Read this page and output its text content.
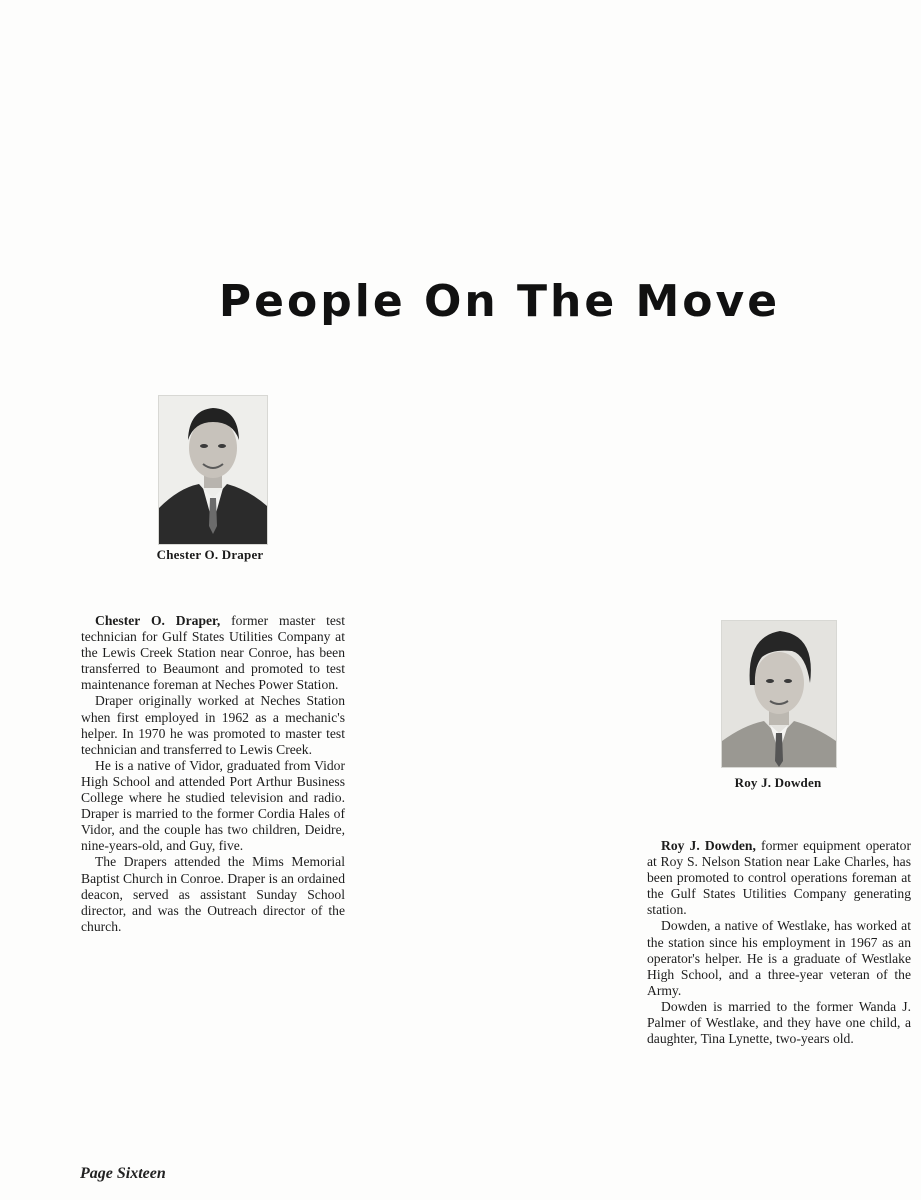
People On The Move

Chester O. Draper

Chester O. Draper, former master test technician for Gulf States Utilities Company at the Lewis Creek Station near Conroe, has been transferred to Beaumont and promoted to test maintenance foreman at Neches Power Station.

Draper originally worked at Neches Station when first employed in 1962 as a mechanic's helper. In 1970 he was promoted to master test technician and transferred to Lewis Creek.

He is a native of Vidor, graduated from Vidor High School and attended Port Arthur Business College where he studied television and radio. Draper is married to the former Cordia Hales of Vidor, and the couple has two children, Deidre, nine-years-old, and Guy, five.

The Drapers attended the Mims Memorial Baptist Church in Conroe. Draper is an ordained deacon, served as assistant Sunday School director, and was the Outreach director of the church.

Roy J. Dowden

Roy J. Dowden, former equipment operator at Roy S. Nelson Station near Lake Charles, has been promoted to control operations foreman at the Gulf States Utilities Company generating station.

Dowden, a native of Westlake, has worked at the station since his employment in 1967 as an operator's helper. He is a graduate of Westlake High School, and a three-year veteran of the Army.

Dowden is married to the former Wanda J. Palmer of Westlake, and they have one child, a daughter, Tina Lynette, two-years old.

Page Sixteen
